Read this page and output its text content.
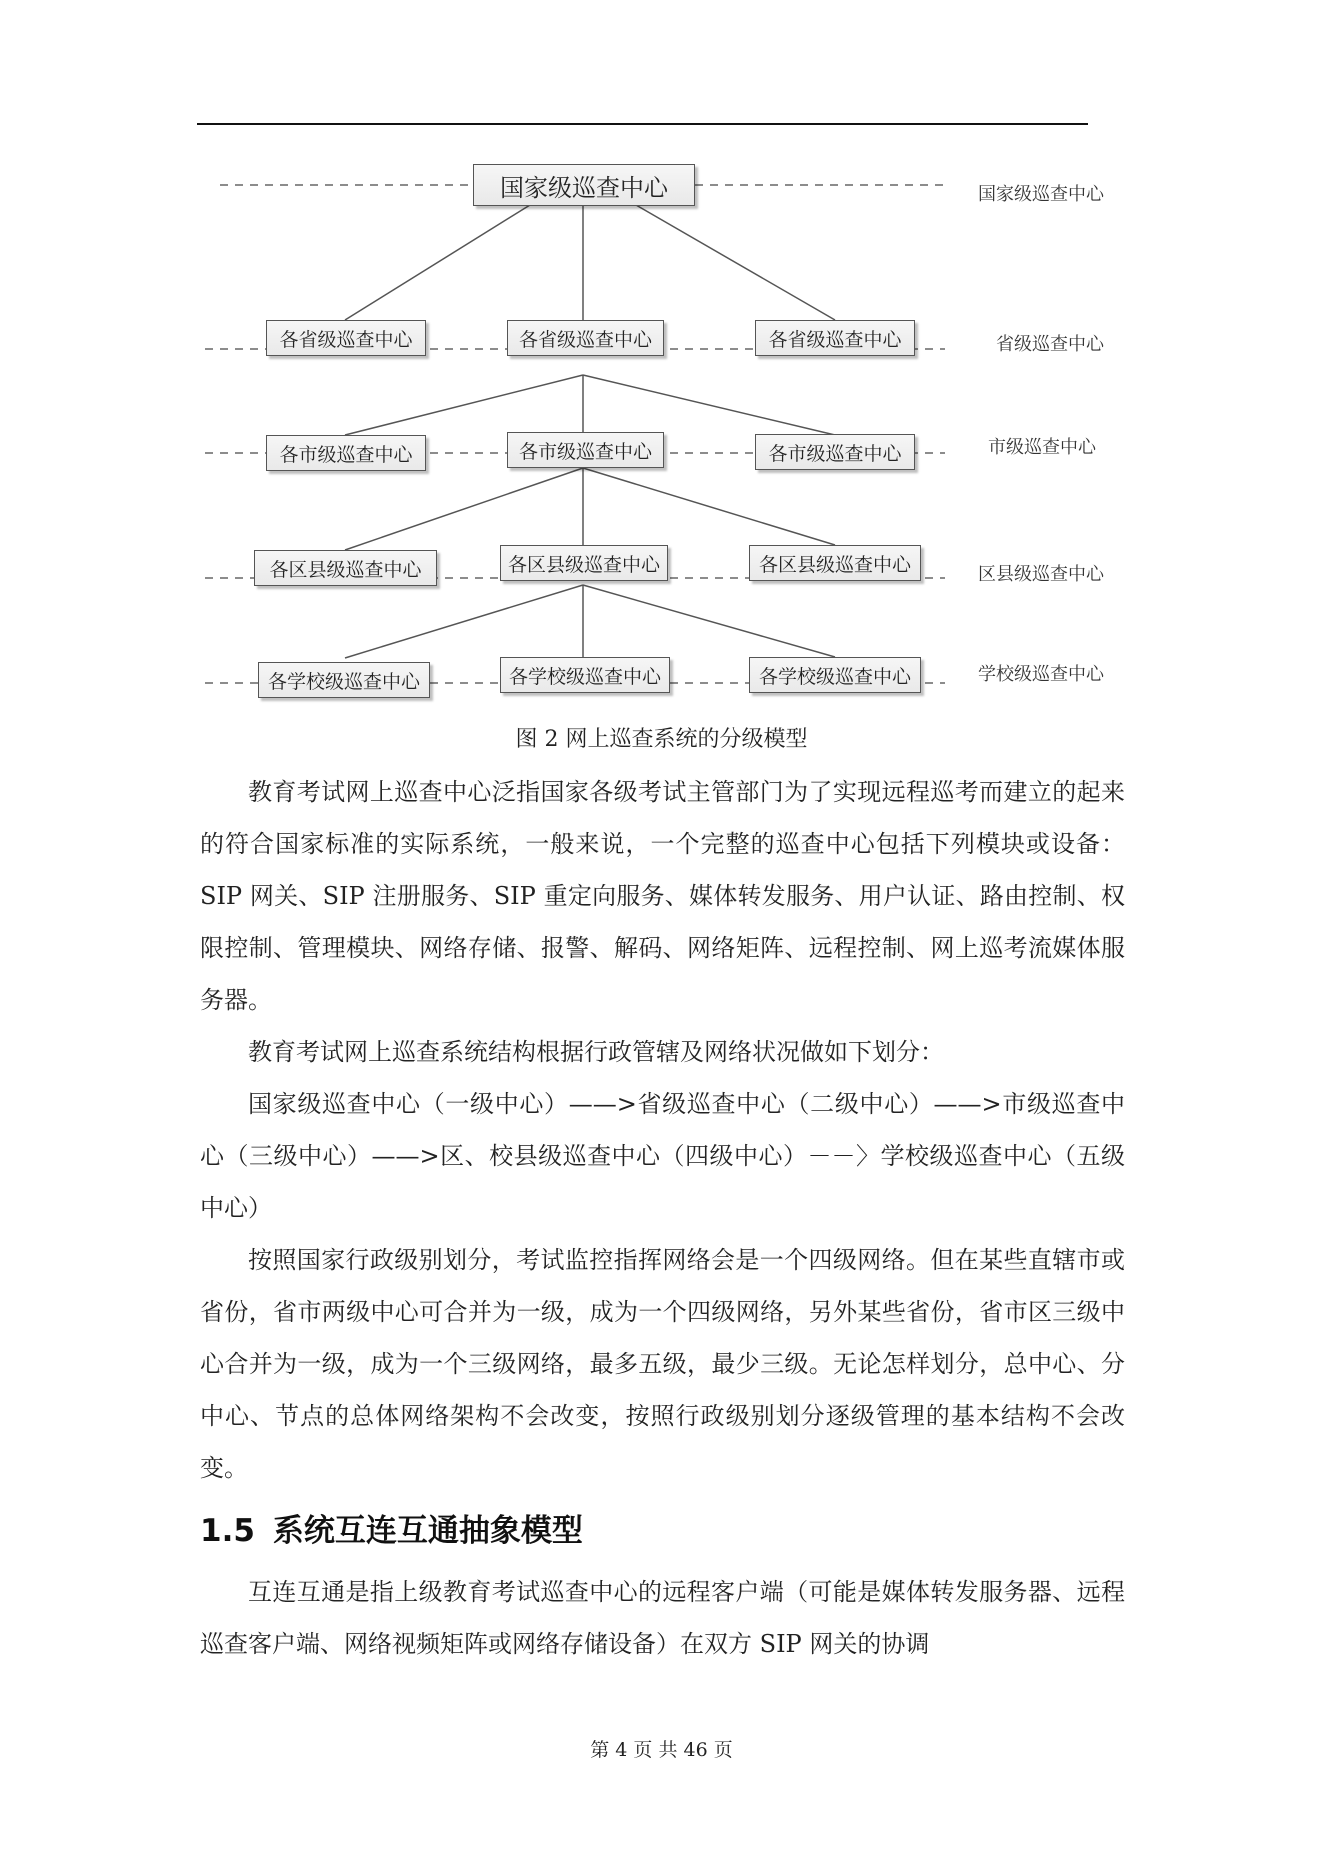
国家级巡查中心
各省级巡查中心	各省级巡查中心	各省级巡查中心
各市级巡查中心	各市级巡查中心	各市级巡查中心
各区县级巡查中心	各区县级巡查中心	各区县级巡查中心
各学校级巡查中心	各学校级巡查中心	各学校级巡查中心
国家级巡查中心
省级巡查中心
市级巡查中心
区县级巡查中心
学校级巡查中心
图 2 网上巡查系统的分级模型

教育考试网上巡查中心泛指国家各级考试主管部门为了实现远程巡考而建立的起来的符合国家标准的实际系统，一般来说，一个完整的巡查中心包括下列模块或设备：SIP 网关、SIP 注册服务、SIP 重定向服务、媒体转发服务、用户认证、路由控制、权限控制、管理模块、网络存储、报警、解码、网络矩阵、远程控制、网上巡考流媒体服务器。

教育考试网上巡查系统结构根据行政管辖及网络状况做如下划分：

国家级巡查中心（一级中心）——>省级巡查中心（二级中心）——>市级巡查中心（三级中心）——>区、校县级巡查中心（四级中心）－－〉学校级巡查中心（五级中心）

按照国家行政级别划分，考试监控指挥网络会是一个四级网络。但在某些直辖市或省份，省市两级中心可合并为一级，成为一个四级网络，另外某些省份，省市区三级中心合并为一级，成为一个三级网络，最多五级，最少三级。无论怎样划分，总中心、分中心、节点的总体网络架构不会改变，按照行政级别划分逐级管理的基本结构不会改变。

1.5 系统互连互通抽象模型

互连互通是指上级教育考试巡查中心的远程客户端（可能是媒体转发服务器、远程巡查客户端、网络视频矩阵或网络存储设备）在双方 SIP 网关的协调

第 4 页 共 46 页
